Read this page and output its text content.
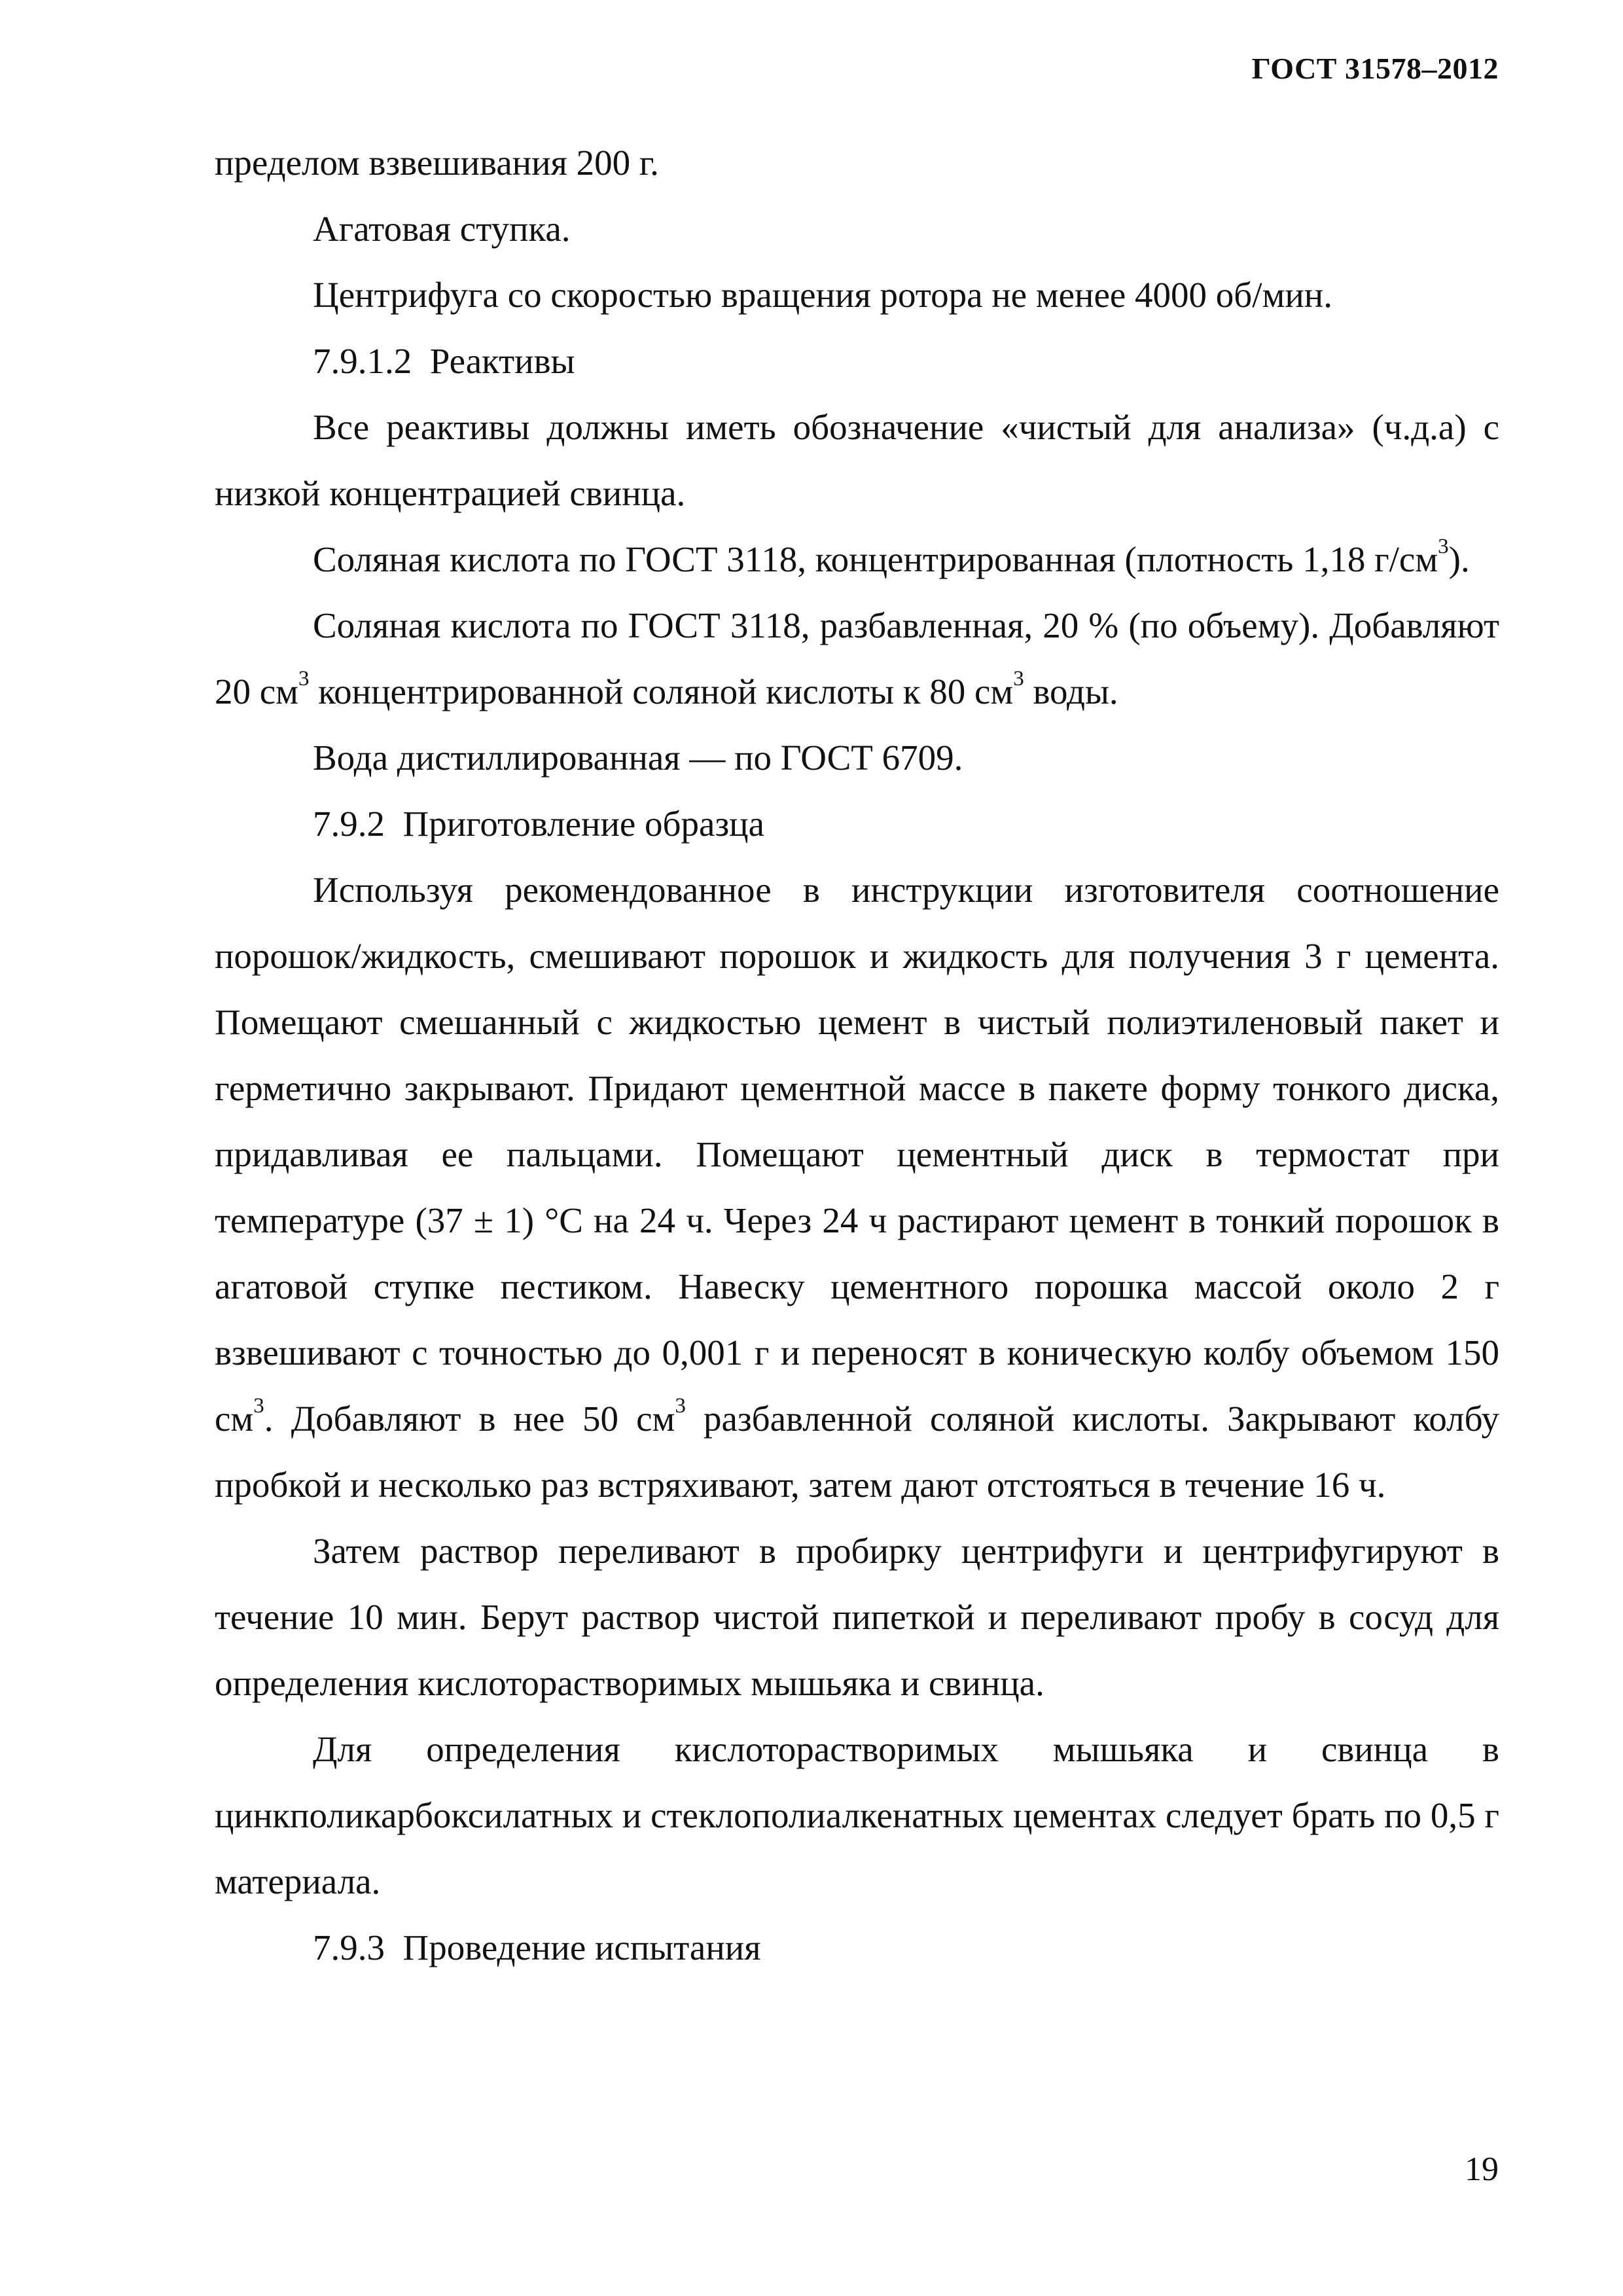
ГОСТ 31578–2012

пределом взвешивания 200 г.

Агатовая ступка.

Центрифуга со скоростью вращения ротора не менее 4000 об/мин.

7.9.1.2  Реактивы

Все реактивы должны иметь обозначение «чистый для анализа» (ч.д.а) с низкой концентрацией свинца.

Соляная кислота по ГОСТ 3118, концентрированная (плотность 1,18 $г/см^3$).

Соляная кислота по ГОСТ 3118, разбавленная, 20 % (по объему). Добавляют 20 $см^3$ концентрированной соляной кислоты к 80 $см^3$ воды.

Вода дистиллированная — по ГОСТ 6709.

7.9.2  Приготовление образца

Используя рекомендованное в инструкции изготовителя соотношение порошок/жидкость, смешивают порошок и жидкость для получения 3 г цемента. Помещают смешанный с жидкостью цемент в чистый полиэтиленовый пакет и герметично закрывают. Придают цементной массе в пакете форму тонкого диска, придавливая ее пальцами. Помещают цементный диск в термостат при температуре (37 ± 1) °С на 24 ч. Через 24 ч растирают цемент в тонкий порошок в агатовой ступке пестиком. Навеску цементного порошка массой около 2 г взвешивают с точностью до 0,001 г и переносят в коническую колбу объемом 150 $см^3$. Добавляют в нее 50 $см^3$ разбавленной соляной кислоты. Закрывают колбу пробкой и несколько раз встряхивают, затем дают отстояться в течение 16 ч.

Затем раствор переливают в пробирку центрифуги и центрифугируют в течение 10 мин. Берут раствор чистой пипеткой и переливают пробу в сосуд для определения кислоторастворимых мышьяка и свинца.

Для определения кислоторастворимых мышьяка и свинца в цинкполикарбоксилатных и стеклополиалкенатных цементах следует брать по 0,5 г материала.

7.9.3  Проведение испытания

19
